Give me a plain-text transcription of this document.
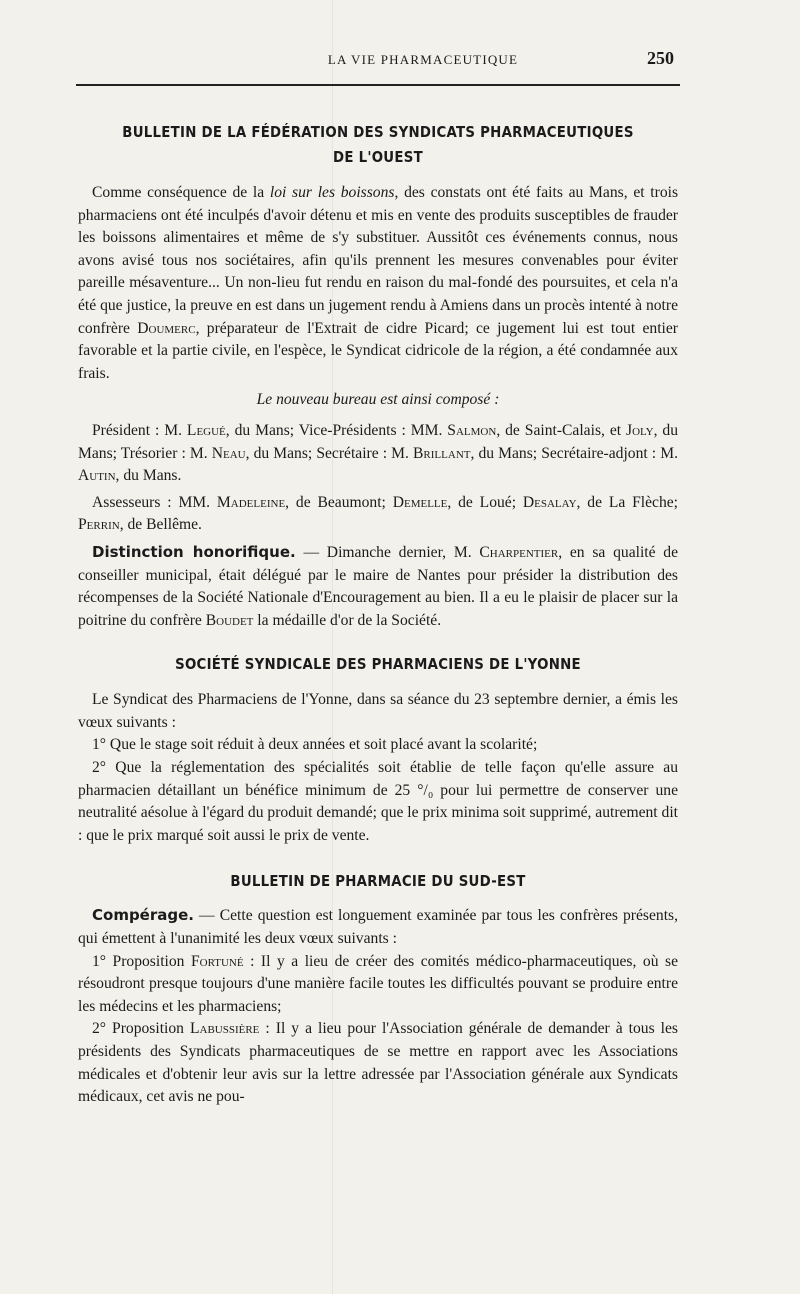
LA VIE PHARMACEUTIQUE	250
BULLETIN DE LA FÉDÉRATION DES SYNDICATS PHARMACEUTIQUES
DE L'OUEST

Comme conséquence de la loi sur les boissons, des constats ont été faits au Mans, et trois pharmaciens ont été inculpés d'avoir détenu et mis en vente des produits susceptibles de frauder les boissons alimentaires et même de s'y substituer. Aussitôt ces événements connus, nous avons avisé tous nos sociétaires, afin qu'ils prennent les mesures convenables pour éviter pareille mésaventure... Un non-lieu fut rendu en raison du mal-fondé des poursuites, et cela n'a été que justice, la preuve en est dans un jugement rendu à Amiens dans un procès intenté à notre confrère Doumerc, préparateur de l'Extrait de cidre Picard; ce jugement lui est tout entier favorable et la partie civile, en l'espèce, le Syndicat cidricole de la région, a été condamnée aux frais.

Le nouveau bureau est ainsi composé :

Président : M. Legué, du Mans; Vice-Présidents : MM. Salmon, de Saint-Calais, et Joly, du Mans; Trésorier : M. Neau, du Mans; Secrétaire : M. Brillant, du Mans; Secrétaire-adjont : M. Autin, du Mans.

Assesseurs : MM. Madeleine, de Beaumont; Demelle, de Loué; Desalay, de La Flèche; Perrin, de Bellême.

Distinction honorifique. — Dimanche dernier, M. Charpentier, en sa qualité de conseiller municipal, était délégué par le maire de Nantes pour présider la distribution des récompenses de la Société Nationale d'Encouragement au bien. Il a eu le plaisir de placer sur la poitrine du confrère Boudet la médaille d'or de la Société.

SOCIÉTÉ SYNDICALE DES PHARMACIENS DE L'YONNE

Le Syndicat des Pharmaciens de l'Yonne, dans sa séance du 23 septembre dernier, a émis les vœux suivants :

1° Que le stage soit réduit à deux années et soit placé avant la scolarité;

2° Que la réglementation des spécialités soit établie de telle façon qu'elle assure au pharmacien détaillant un bénéfice minimum de 25 °/₀ pour lui permettre de conserver une neutralité aésolue à l'égard du produit demandé; que le prix minima soit supprimé, autrement dit : que le prix marqué soit aussi le prix de vente.

BULLETIN DE PHARMACIE DU SUD-EST

Compérage. — Cette question est longuement examinée par tous les confrères présents, qui émettent à l'unanimité les deux vœux suivants :

1° Proposition Fortuné : Il y a lieu de créer des comités médico-pharmaceutiques, où se résoudront presque toujours d'une manière facile toutes les difficultés pouvant se produire entre les médecins et les pharmaciens;

2° Proposition Labussière : Il y a lieu pour l'Association générale de demander à tous les présidents des Syndicats pharmaceutiques de se mettre en rapport avec les Associations médicales et d'obtenir leur avis sur la lettre adressée par l'Association générale aux Syndicats médicaux, cet avis ne pou-
